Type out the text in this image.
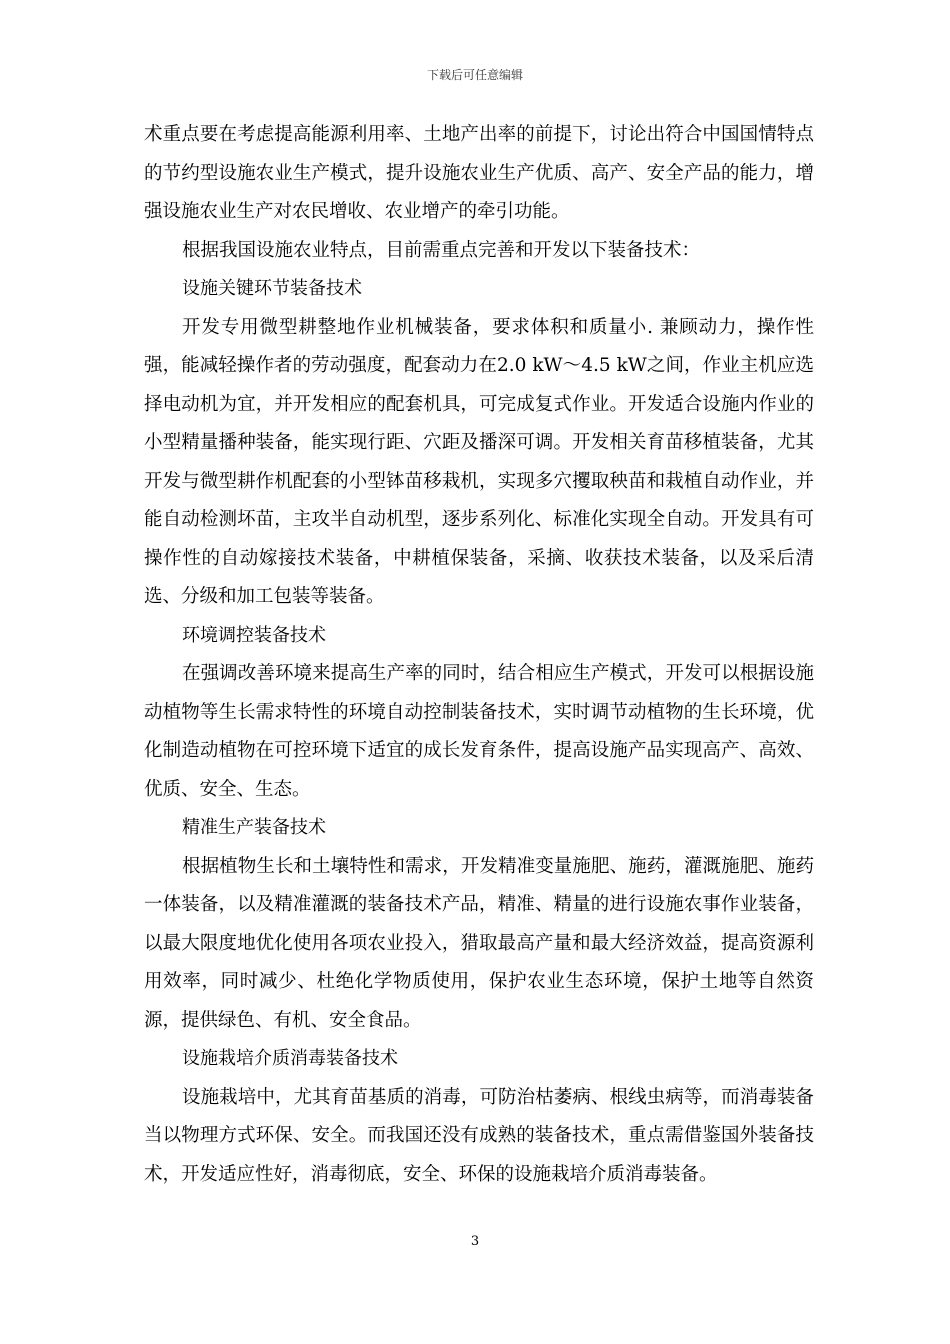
下载后可任意编辑

术重点要在考虑提高能源利用率、土地产出率的前提下，讨论出符合中国国情特点的节约型设施农业生产模式，提升设施农业生产优质、高产、安全产品的能力，增强设施农业生产对农民增收、农业增产的牵引功能。

根据我国设施农业特点，目前需重点完善和开发以下装备技术：

设施关键环节装备技术

开发专用微型耕整地作业机械装备，要求体积和质量小. 兼顾动力，操作性强，能减轻操作者的劳动强度，配套动力在2.0 kW～4.5 kW之间，作业主机应选择电动机为宜，并开发相应的配套机具，可完成复式作业。开发适合设施内作业的小型精量播种装备，能实现行距、穴距及播深可调。开发相关育苗移植装备，尤其开发与微型耕作机配套的小型钵苗移栽机，实现多穴攫取秧苗和栽植自动作业，并能自动检测坏苗，主攻半自动机型，逐步系列化、标准化实现全自动。开发具有可操作性的自动嫁接技术装备，中耕植保装备，采摘、收获技术装备，以及采后清选、分级和加工包装等装备。

环境调控装备技术

在强调改善环境来提高生产率的同时，结合相应生产模式，开发可以根据设施动植物等生长需求特性的环境自动控制装备技术，实时调节动植物的生长环境，优化制造动植物在可控环境下适宜的成长发育条件，提高设施产品实现高产、高效、优质、安全、生态。

精准生产装备技术

根据植物生长和土壤特性和需求，开发精准变量施肥、施药，灌溉施肥、施药一体装备，以及精准灌溉的装备技术产品，精准、精量的进行设施农事作业装备，以最大限度地优化使用各项农业投入，猎取最高产量和最大经济效益，提高资源利用效率，同时减少、杜绝化学物质使用，保护农业生态环境，保护土地等自然资源，提供绿色、有机、安全食品。

设施栽培介质消毒装备技术

设施栽培中，尤其育苗基质的消毒，可防治枯萎病、根线虫病等，而消毒装备当以物理方式环保、安全。而我国还没有成熟的装备技术，重点需借鉴国外装备技术，开发适应性好，消毒彻底，安全、环保的设施栽培介质消毒装备。

3
